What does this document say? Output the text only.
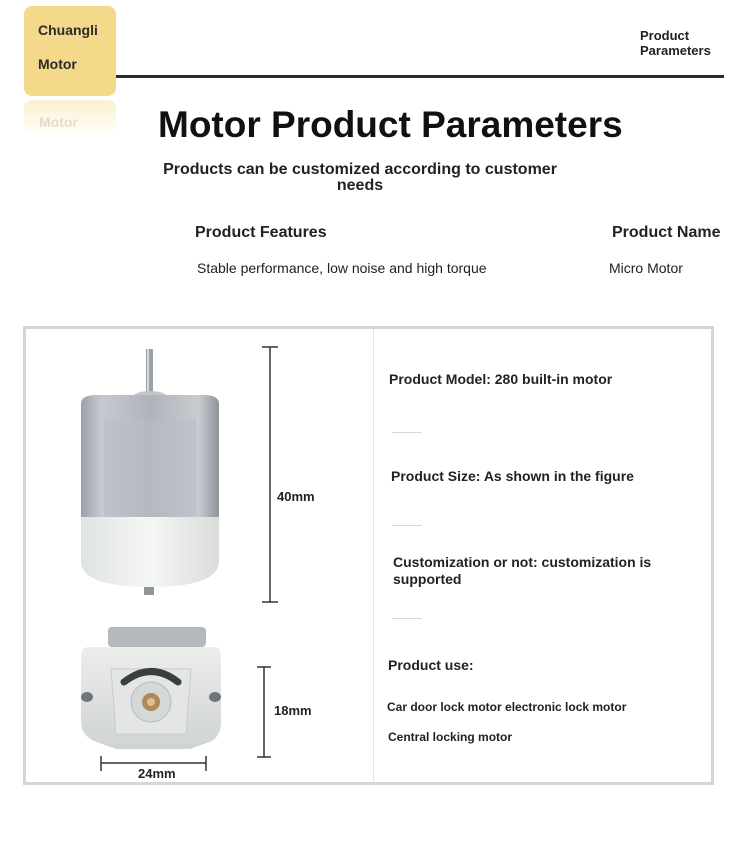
Chuangli
Motor
Motor
Product Parameters
Motor Product Parameters
Products can be customized according to customer needs
Product Features	Product Name
Stable performance, low noise and high torque	Micro Motor
40mm
18mm
24mm
Product Model: 280 built-in motor
Product Size: As shown in the figure
Customization or not: customization is supported
Product use:
Car door lock motor electronic lock motor
Central locking motor
